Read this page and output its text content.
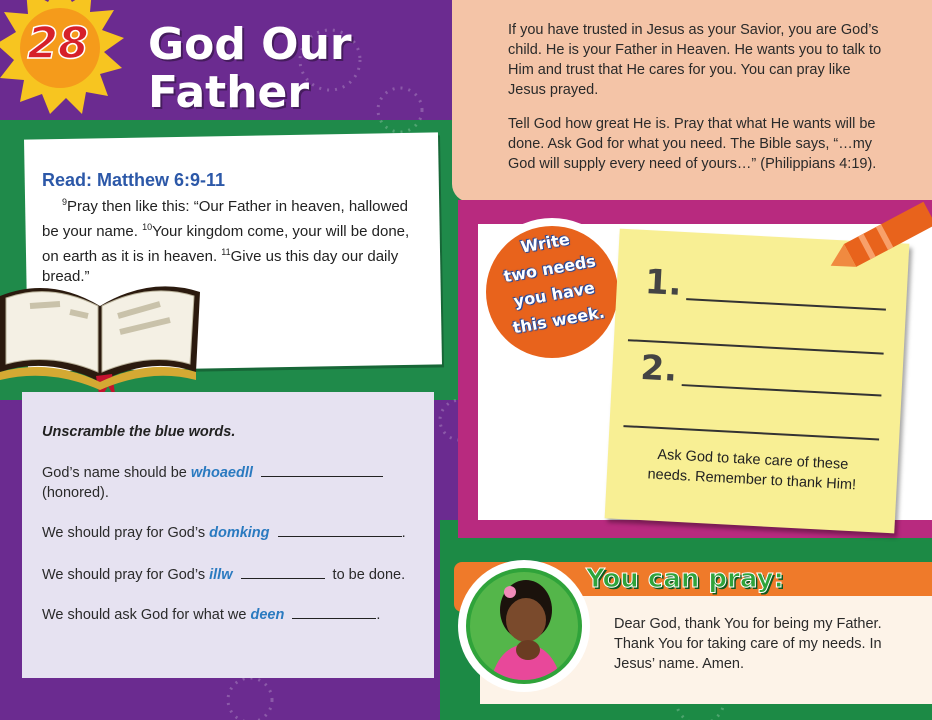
28	God Our
Father
If you have trusted in Jesus as your Savior, you are God’s child. He is your Father in Heaven. He wants you to talk to Him and trust that He cares for you. You can pray like Jesus prayed.
Tell God how great He is. Pray that what He wants will be done. Ask God for what you need. The Bible says, “…my God will supply every need of yours…” (Philippians 4:19).
Read: Matthew 6:9-11
$^9$Pray then like this: “Our Father in heaven, hallowed be your name. $^{10}$Your kingdom come, your will be done, on earth as it is in heaven. $^{11}$Give us this day our daily bread.”
Unscramble the blue words.
God’s name should be whoaedll
(honored).
We should pray for God’s domking	.
We should pray for God’s illw	to be done.
We should ask God for what we deen	.
Write
two needs
you have
this week.
1.
2.
Ask God to take care of these
needs. Remember to thank Him!
You can pray:
Dear God, thank You for being my Father. Thank You for taking care of my needs. In Jesus’ name. Amen.
